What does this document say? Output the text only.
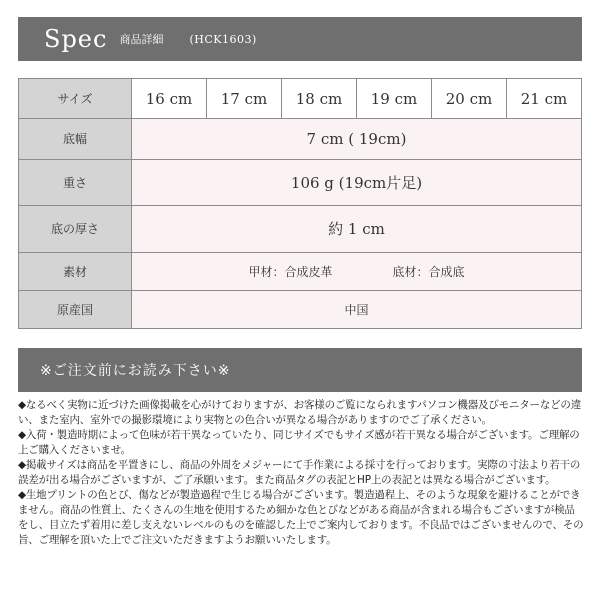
Spec 商品詳細 (HCK1603)
サイズ	16 cm	17 cm	18 cm	19 cm	20 cm	21 cm
底幅	7 cm ( 19cm)					
重さ	106 g (19cm片足)					
底の厚さ	約 1 cm					
素材	甲材：合成皮革 底材：合成底					
原産国	中国					
※ご注文前にお読み下さい※

◆なるべく実物に近づけた画像掲載を心がけておりますが、お客様のご覧になられますパソコン機器及びモニターなどの違い、また室内、室外での撮影環境により実物との色合いが異なる場合がありますのでご了承ください。

◆入荷・製造時期によって色味が若干異なっていたり、同じサイズでもサイズ感が若干異なる場合がございます。ご理解の上ご購入くださいませ。

◆掲載サイズは商品を平置きにし、商品の外周をメジャーにて手作業による採寸を行っております。実際の寸法より若干の誤差が出る場合がございますが、ご了承願います。また商品タグの表記とHP上の表記とは異なる場合がございます。

◆生地プリントの色とび、傷などが製造過程で生じる場合がございます。製造過程上、そのような現象を避けることができません。商品の性質上、たくさんの生地を使用するため細かな色とびなどがある商品が含まれる場合もございますが検品をし、目立たず着用に差し支えないレベルのものを確認した上でご案内しております。不良品ではございませんので、その旨、ご理解を頂いた上でご注文いただきますようお願いいたします。
